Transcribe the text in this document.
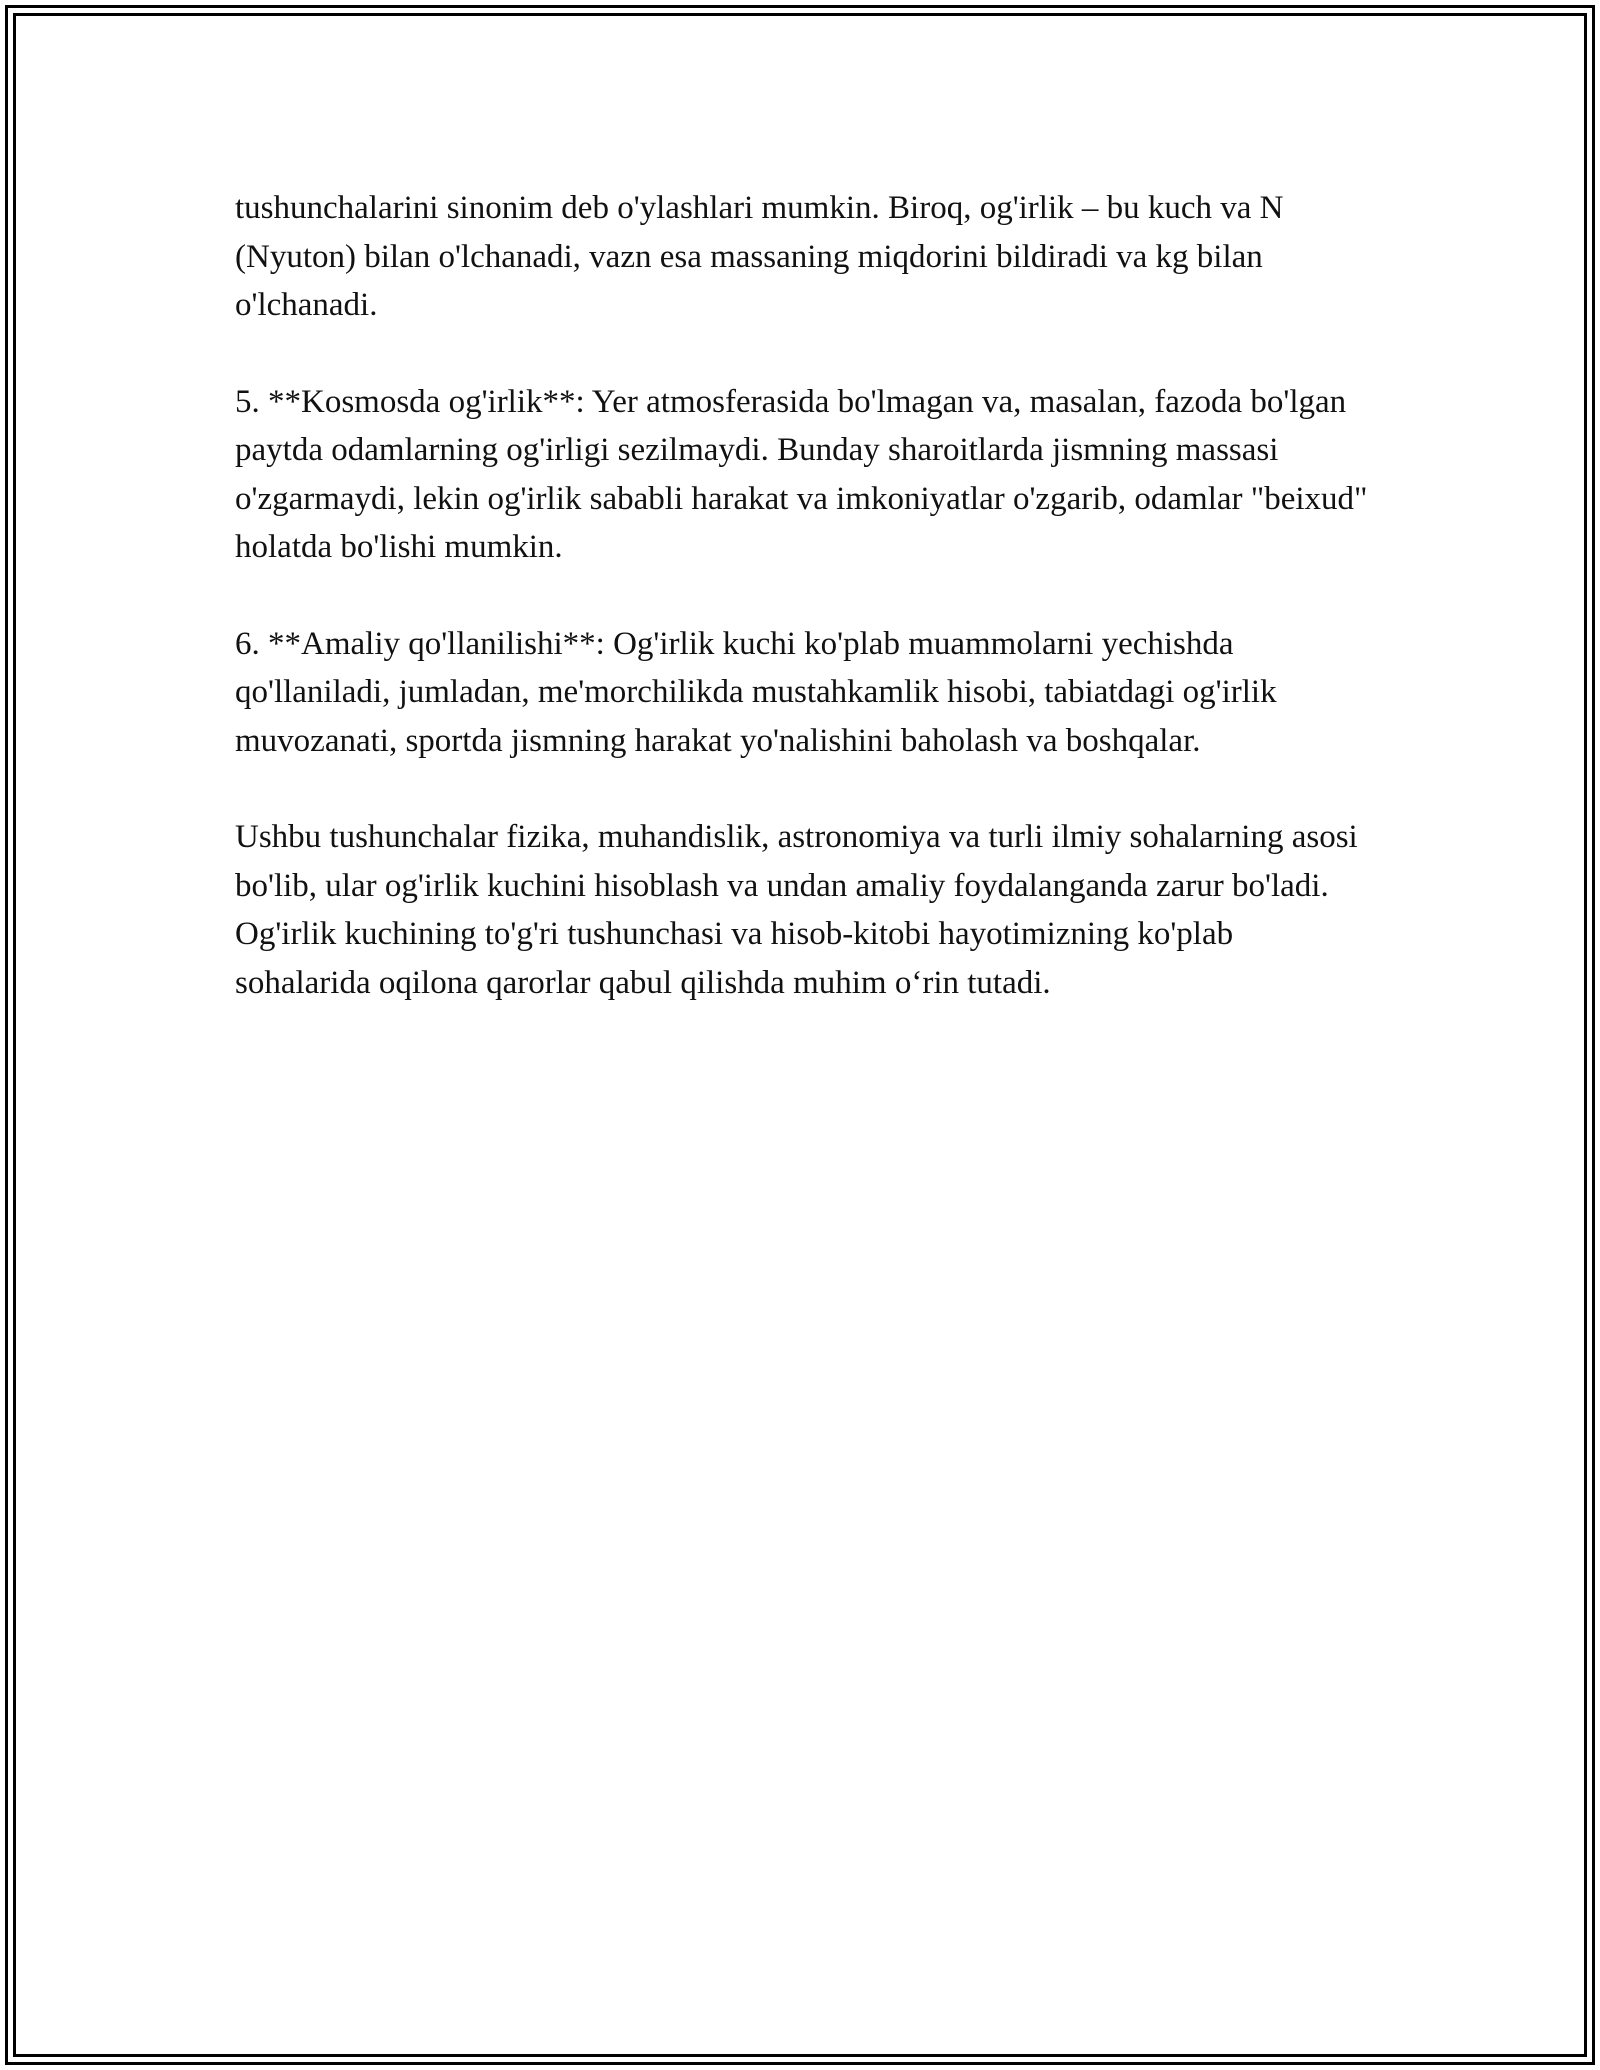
tushunchalarini sinonim deb o'ylashlari mumkin. Biroq, og'irlik – bu kuch va N (Nyuton) bilan o'lchanadi, vazn esa massaning miqdorini bildiradi va kg bilan o'lchanadi.

5. **Kosmosda og'irlik**: Yer atmosferasida bo'lmagan va, masalan, fazoda bo'lgan paytda odamlarning og'irligi sezilmaydi. Bunday sharoitlarda jismning massasi o'zgarmaydi, lekin og'irlik sababli harakat va imkoniyatlar o'zgarib, odamlar "beixud" holatda bo'lishi mumkin.

6. **Amaliy qo'llanilishi**: Og'irlik kuchi ko'plab muammolarni yechishda qo'llaniladi, jumladan, me'morchilikda mustahkamlik hisobi, tabiatdagi og'irlik muvozanati, sportda jismning harakat yo'nalishini baholash va boshqalar.

Ushbu tushunchalar fizika, muhandislik, astronomiya va turli ilmiy sohalarning asosi bo'lib, ular og'irlik kuchini hisoblash va undan amaliy foydalanganda zarur bo'ladi. Og'irlik kuchining to'g'ri tushunchasi va hisob-kitobi hayotimizning ko'plab sohalarida oqilona qarorlar qabul qilishda muhim o‘rin tutadi.
